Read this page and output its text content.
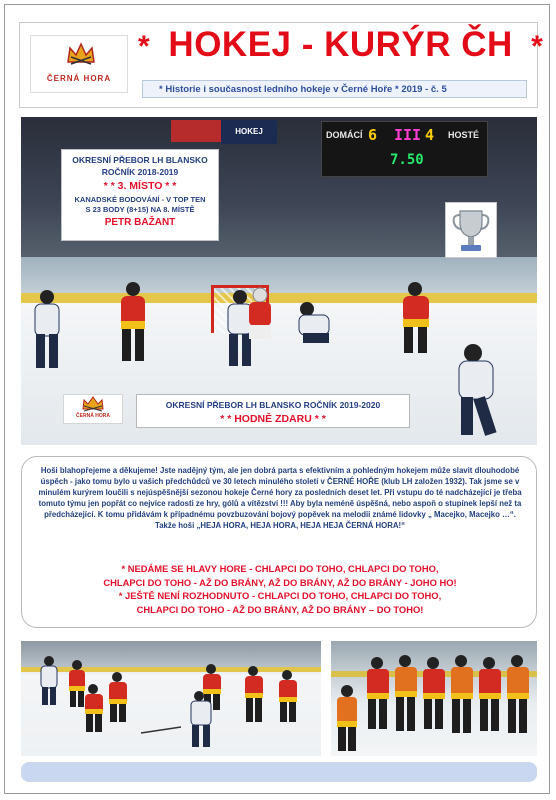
ČERNÁ HORA
* HOKEJ - KURÝR ČH *
* Historie i současnost ledního hokeje v Černé Hoře * 2019 - č. 5
HOKEJ	DOMÁCÍ 6 III 4 HOSTÉ
7.50
OKRESNÍ PŘEBOR LH BLANSKO
ROČNÍK 2018-2019
* * 3. MÍSTO * *
KANADSKÉ BODOVÁNÍ - V TOP TEN
S 23 BODY (8+15) NA 8. MÍSTĚ
PETR BAŽANT
ČERNÁ HORA
OKRESNÍ PŘEBOR LH BLANSKO ROČNÍK 2019-2020
* * HODNĚ ZDARU * *
Hoši blahopřejeme a děkujeme! Jste nadějný tým, ale jen dobrá parta s efektivním a pohledným hokejem může slavit dlouhodobé úspěch - jako tomu bylo u vašich předchůdců ve 30 letech minulého století v ČERNÉ HOŘE (klub LH založen 1932). Tak jsme se v minulém kurýrem loučili s nejúspěšnější sezonou hokeje Černé hory za posledních deset let. Při vstupu do té nadcházející je třeba tomuto týmu jen popřát co nejvíce radosti ze hry, gólů a vítězství !!! Aby byla neméně úspěšná, nebo aspoň o stupínek lepší než ta předcházející. K tomu přidávám k případnému povzbuzování bojový popěvek na melodii známé lidovky „ Macejko, Macejko …“. Takže hoši „HEJA HORA, HEJA HORA, HEJA HEJA ČERNÁ HORA!“
* NEDÁME SE HLAVY HORE - CHLAPCI DO TOHO, CHLAPCI DO TOHO,
CHLAPCI DO TOHO - AŽ DO BRÁNY, AŽ DO BRÁNY, AŽ DO BRÁNY - JOHO HO!
* JEŠTĚ NENÍ ROZHODNUTO - CHLAPCI DO TOHO, CHLAPCI DO TOHO,
CHLAPCI DO TOHO - AŽ DO BRÁNY, AŽ DO BRÁNY – DO TOHO!
